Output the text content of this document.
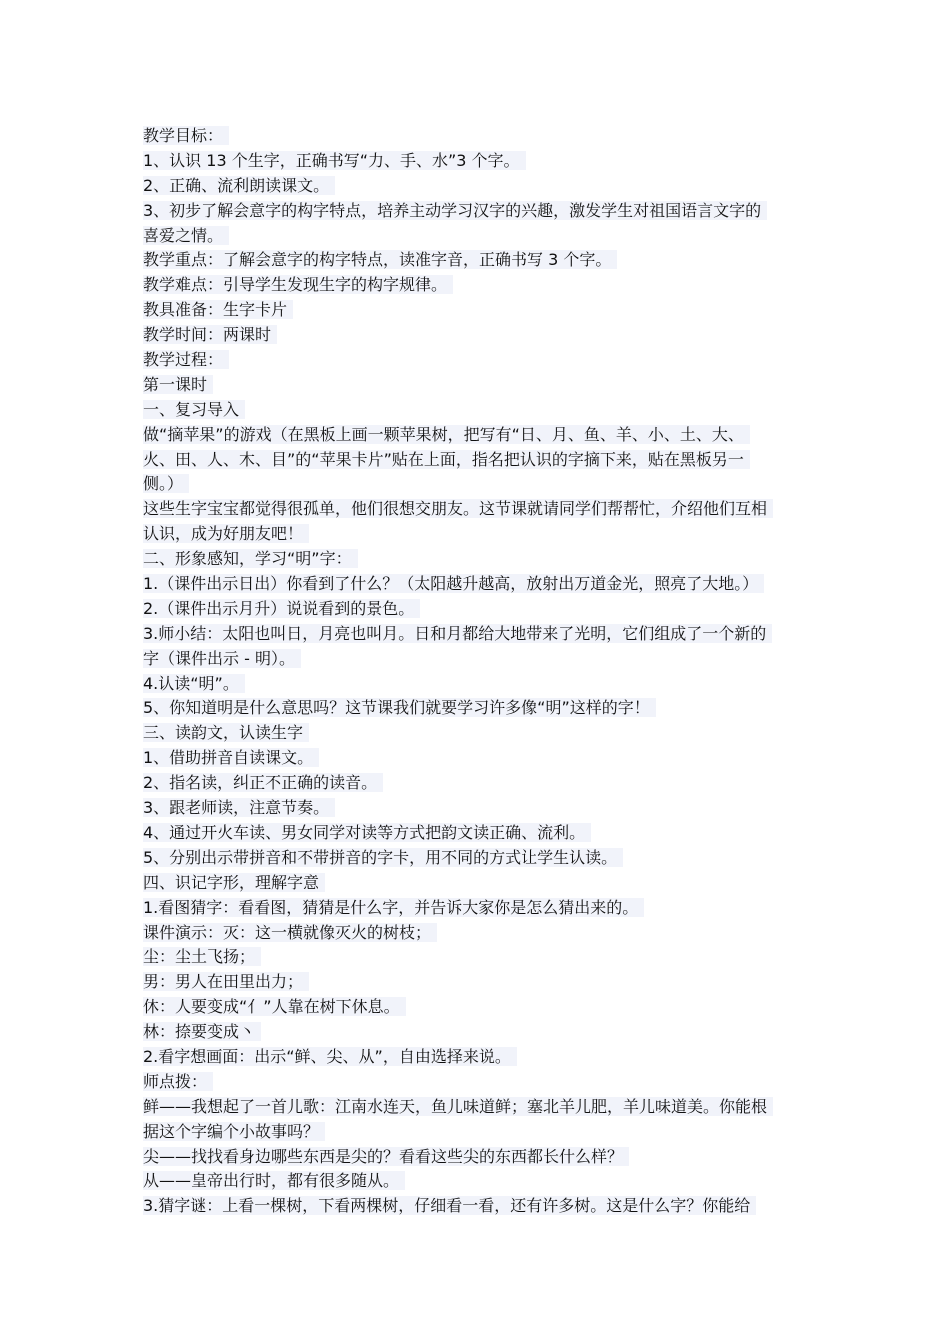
教学目标：
1、认识 13 个生字，正确书写“力、手、水”3 个字。
2、正确、流利朗读课文。
3、初步了解会意字的构字特点，培养主动学习汉字的兴趣，激发学生对祖国语言文字的
喜爱之情。
教学重点：了解会意字的构字特点，读准字音，正确书写 3 个字。
教学难点：引导学生发现生字的构字规律。
教具准备：生字卡片
教学时间：两课时
教学过程：
第一课时
一、复习导入
做“摘苹果”的游戏（在黑板上画一颗苹果树，把写有“日、月、鱼、羊、小、土、大、
火、田、人、木、目”的“苹果卡片”贴在上面，指名把认识的字摘下来，贴在黑板另一
侧。）
这些生字宝宝都觉得很孤单，他们很想交朋友。这节课就请同学们帮帮忙，介绍他们互相
认识，成为好朋友吧！
二、形象感知，学习“明”字：
1.（课件出示日出）你看到了什么？（太阳越升越高，放射出万道金光，照亮了大地。）
2.（课件出示月升）说说看到的景色。
3.师小结：太阳也叫日，月亮也叫月。日和月都给大地带来了光明，它们组成了一个新的
字（课件出示 - 明）。
4.认读“明”。
5、你知道明是什么意思吗？这节课我们就要学习许多像“明”这样的字！
三、读韵文，认读生字
1、借助拼音自读课文。
2、指名读，纠正不正确的读音。
3、跟老师读，注意节奏。
4、通过开火车读、男女同学对读等方式把韵文读正确、流利。
5、分别出示带拼音和不带拼音的字卡，用不同的方式让学生认读。
四、识记字形，理解字意
1.看图猜字：看看图，猜猜是什么字，并告诉大家你是怎么猜出来的。
课件演示：灭：这一横就像灭火的树枝；
尘：尘土飞扬；
男：男人在田里出力；
休：人要变成“亻”人靠在树下休息。
林：捺要变成丶
2.看字想画面：出示“鲜、尖、从”，自由选择来说。
师点拨：
鲜——我想起了一首儿歌：江南水连天，鱼儿味道鲜；塞北羊儿肥，羊儿味道美。你能根
据这个字编个小故事吗？
尖——找找看身边哪些东西是尖的？看看这些尖的东西都长什么样？
从——皇帝出行时，都有很多随从。
3.猜字谜：上看一棵树，下看两棵树，仔细看一看，还有许多树。这是什么字？你能给
